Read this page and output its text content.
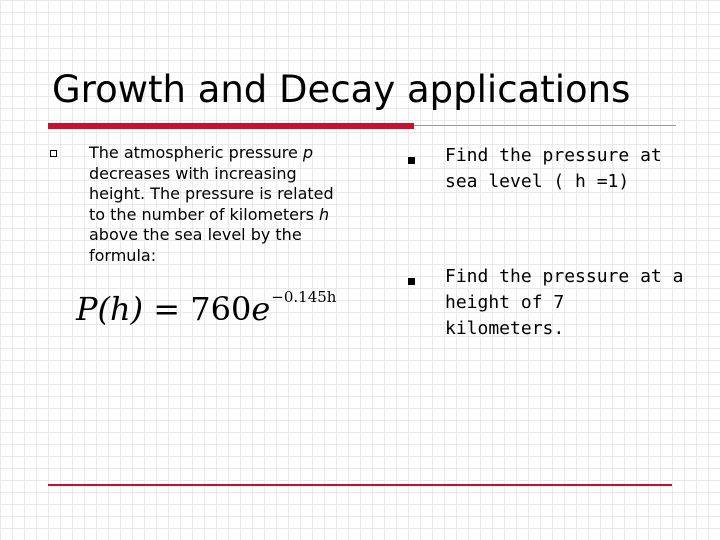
Growth and Decay applications
The atmospheric pressure p decreases with increasing height. The pressure is related to the number of kilometers h above the sea level by the formula:
$P(h) = 760e^{-0.145h}$
Find the pressure at sea level ( h =1)
Find the pressure at a height of 7 kilometers.
